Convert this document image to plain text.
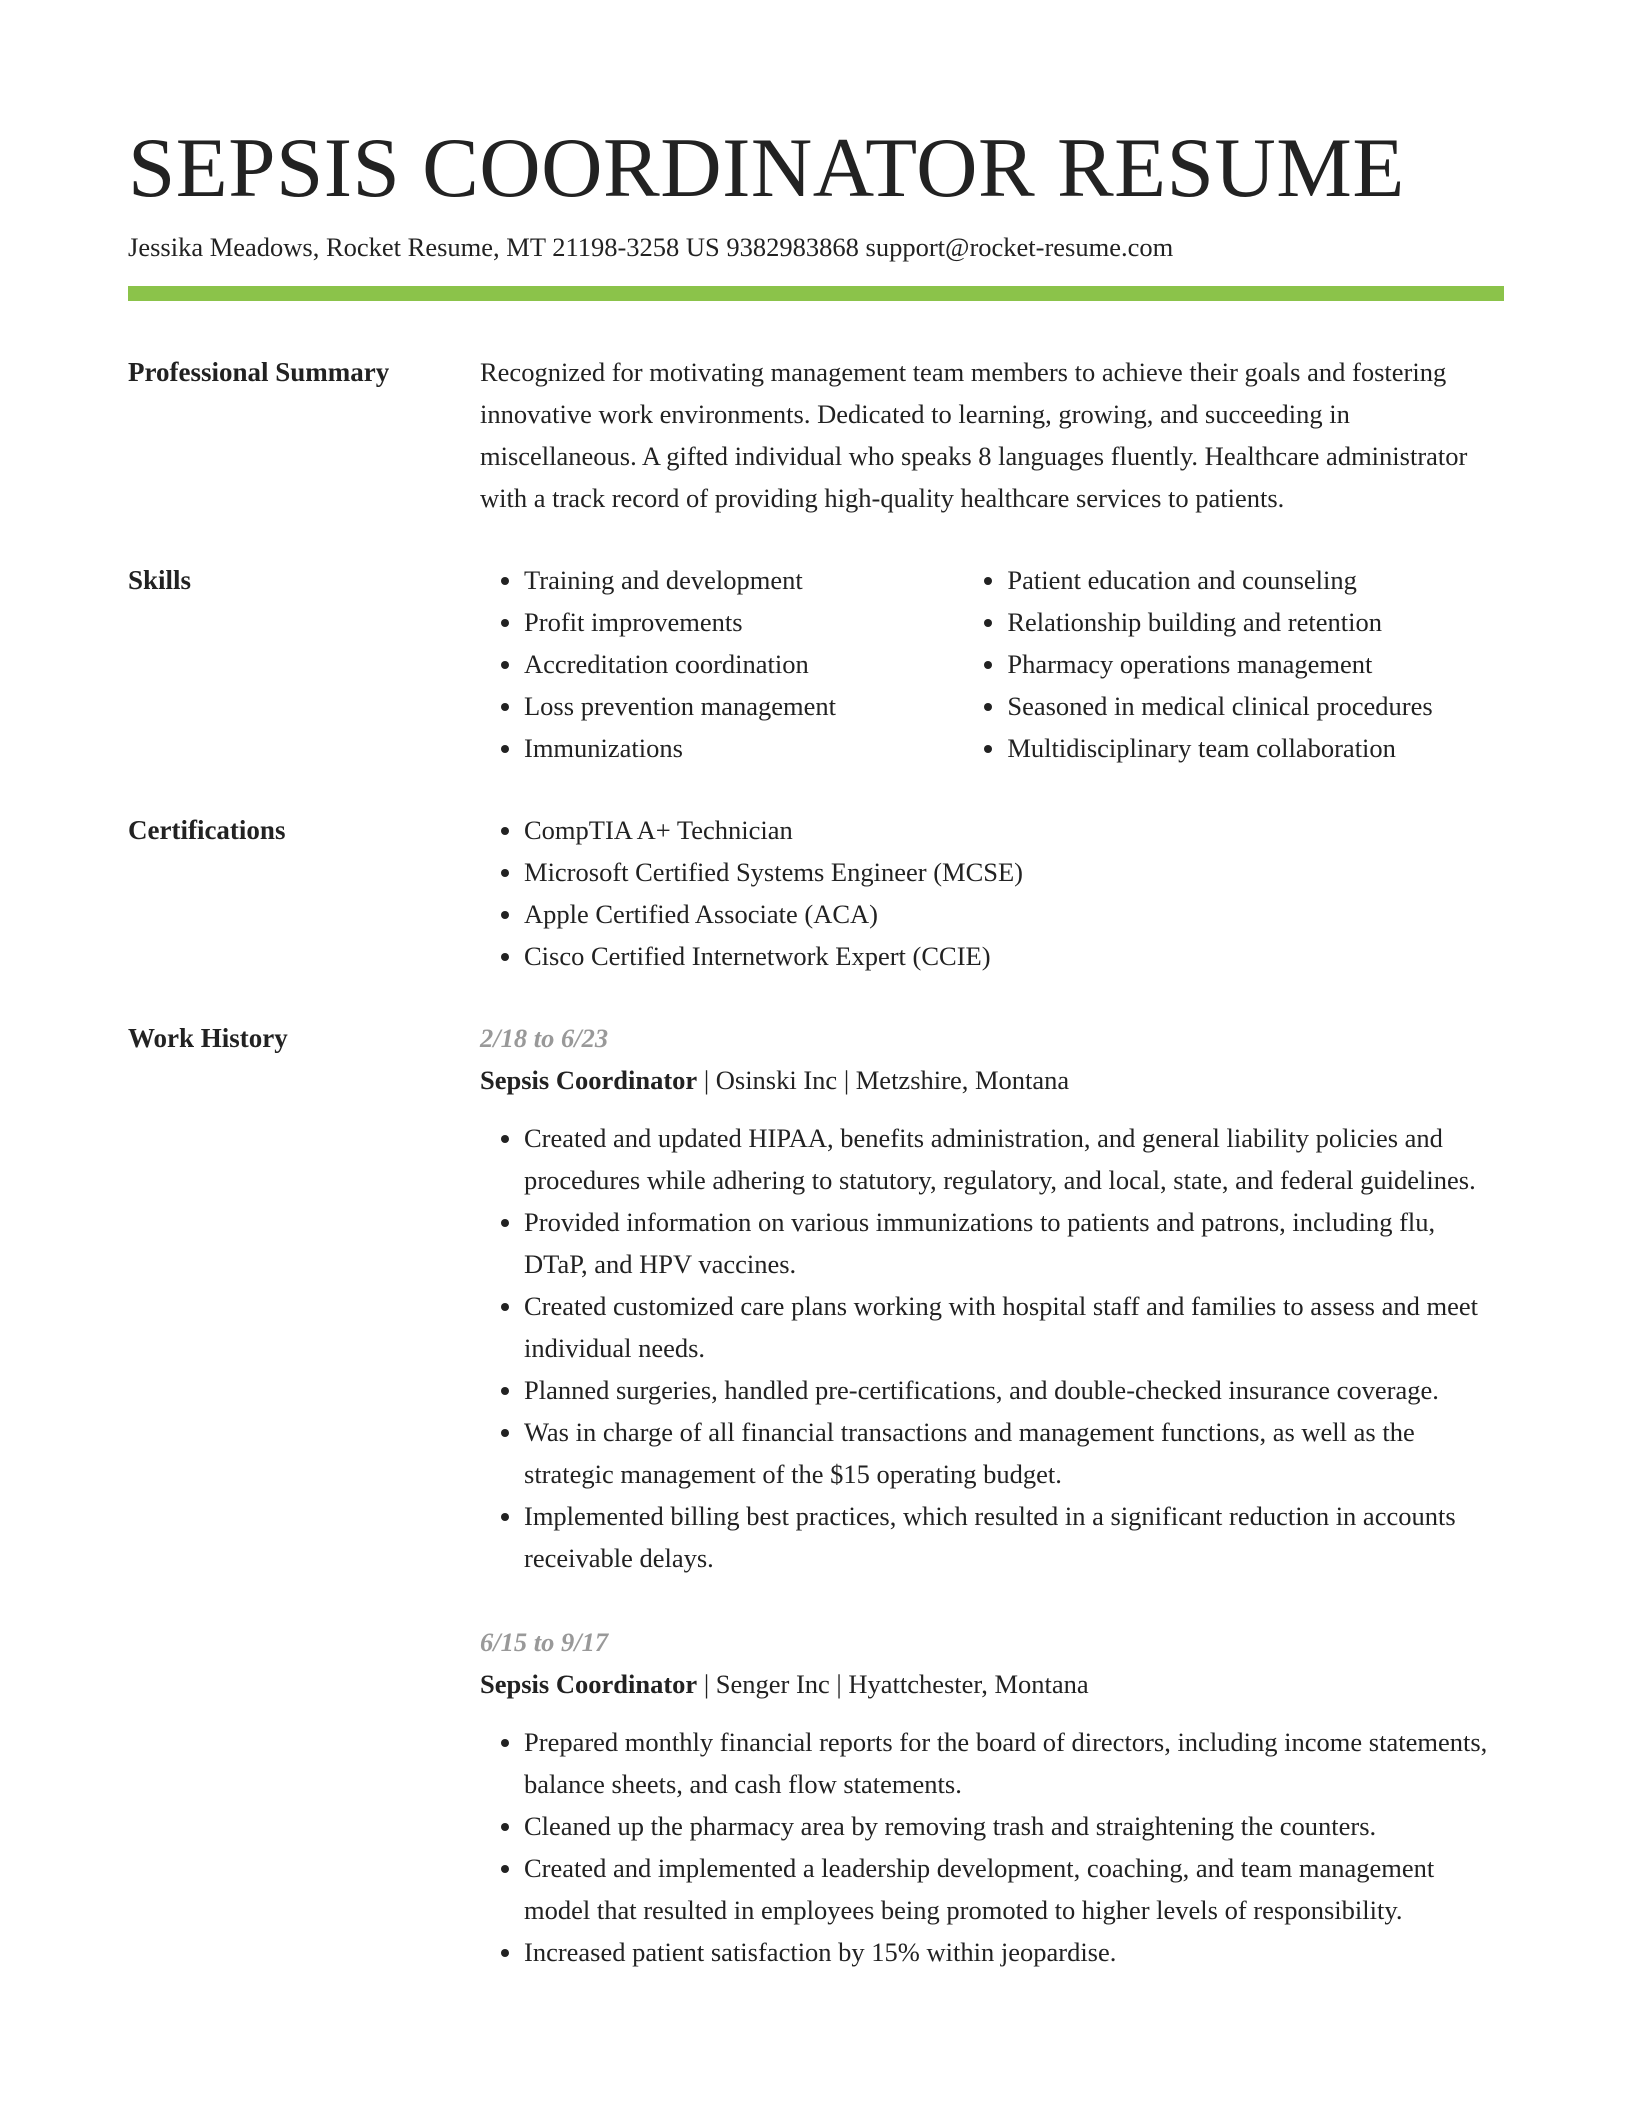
SEPSIS COORDINATOR RESUME
Jessika Meadows, Rocket Resume, MT 21198-3258 US 9382983868 support@rocket-resume.com
Professional Summary	Recognized for motivating management team members to achieve their goals and fostering innovative work environments. Dedicated to learning, growing, and succeeding in miscellaneous. A gifted individual who speaks 8 languages fluently. Healthcare administrator with a track record of providing high-quality healthcare services to patients.

Skills	• Training and development
• Profit improvements
• Accreditation coordination
• Loss prevention management
• Immunizations
• Patient education and counseling
• Relationship building and retention
• Pharmacy operations management
• Seasoned in medical clinical procedures
• Multidisciplinary team collaboration
Certifications	• CompTIA A+ Technician
• Microsoft Certified Systems Engineer (MCSE)
• Apple Certified Associate (ACA)
• Cisco Certified Internetwork Expert (CCIE)
Work History	2/18 to 6/23
Sepsis Coordinator | Osinski Inc | Metzshire, Montana
• Created and updated HIPAA, benefits administration, and general liability policies and procedures while adhering to statutory, regulatory, and local, state, and federal guidelines.
• Provided information on various immunizations to patients and patrons, including flu, DTaP, and HPV vaccines.
• Created customized care plans working with hospital staff and families to assess and meet individual needs.
• Planned surgeries, handled pre-certifications, and double-checked insurance coverage.
• Was in charge of all financial transactions and management functions, as well as the strategic management of the $15 operating budget.
• Implemented billing best practices, which resulted in a significant reduction in accounts receivable delays.
6/15 to 9/17
Sepsis Coordinator | Senger Inc | Hyattchester, Montana
• Prepared monthly financial reports for the board of directors, including income statements, balance sheets, and cash flow statements.
• Cleaned up the pharmacy area by removing trash and straightening the counters.
• Created and implemented a leadership development, coaching, and team management model that resulted in employees being promoted to higher levels of responsibility.
• Increased patient satisfaction by 15% within jeopardise.
